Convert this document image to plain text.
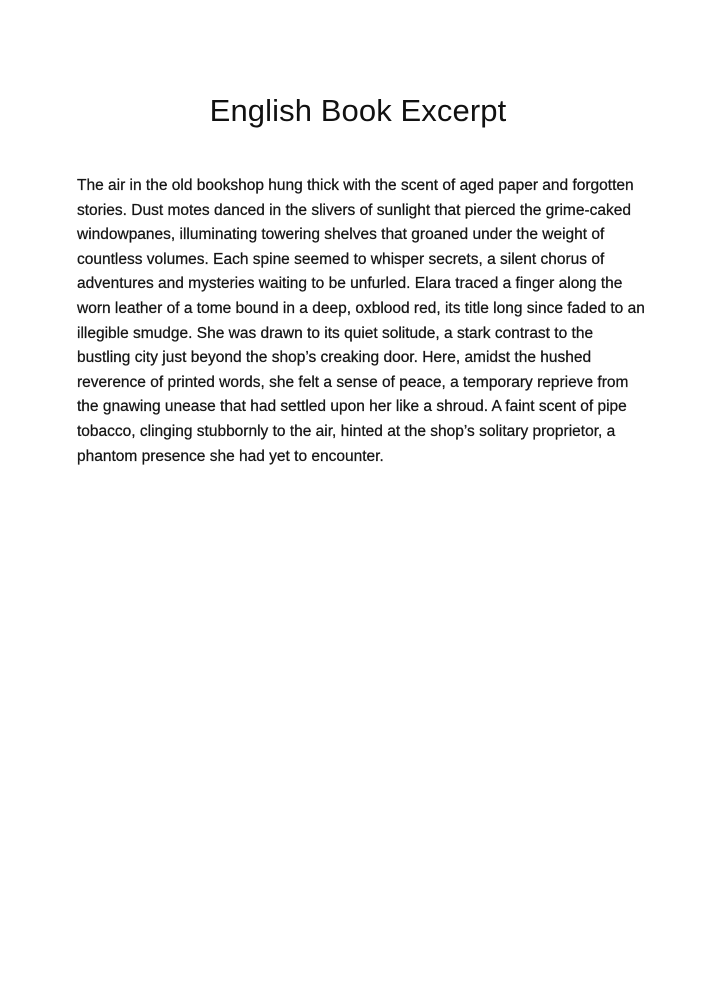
English Book Excerpt

The air in the old bookshop hung thick with the scent of aged paper and forgotten stories. Dust motes danced in the slivers of sunlight that pierced the grime-caked windowpanes, illuminating towering shelves that groaned under the weight of countless volumes. Each spine seemed to whisper secrets, a silent chorus of adventures and mysteries waiting to be unfurled. Elara traced a finger along the worn leather of a tome bound in a deep, oxblood red, its title long since faded to an illegible smudge. She was drawn to its quiet solitude, a stark contrast to the bustling city just beyond the shop’s creaking door. Here, amidst the hushed reverence of printed words, she felt a sense of peace, a temporary reprieve from the gnawing unease that had settled upon her like a shroud. A faint scent of pipe tobacco, clinging stubbornly to the air, hinted at the shop’s solitary proprietor, a phantom presence she had yet to encounter.
